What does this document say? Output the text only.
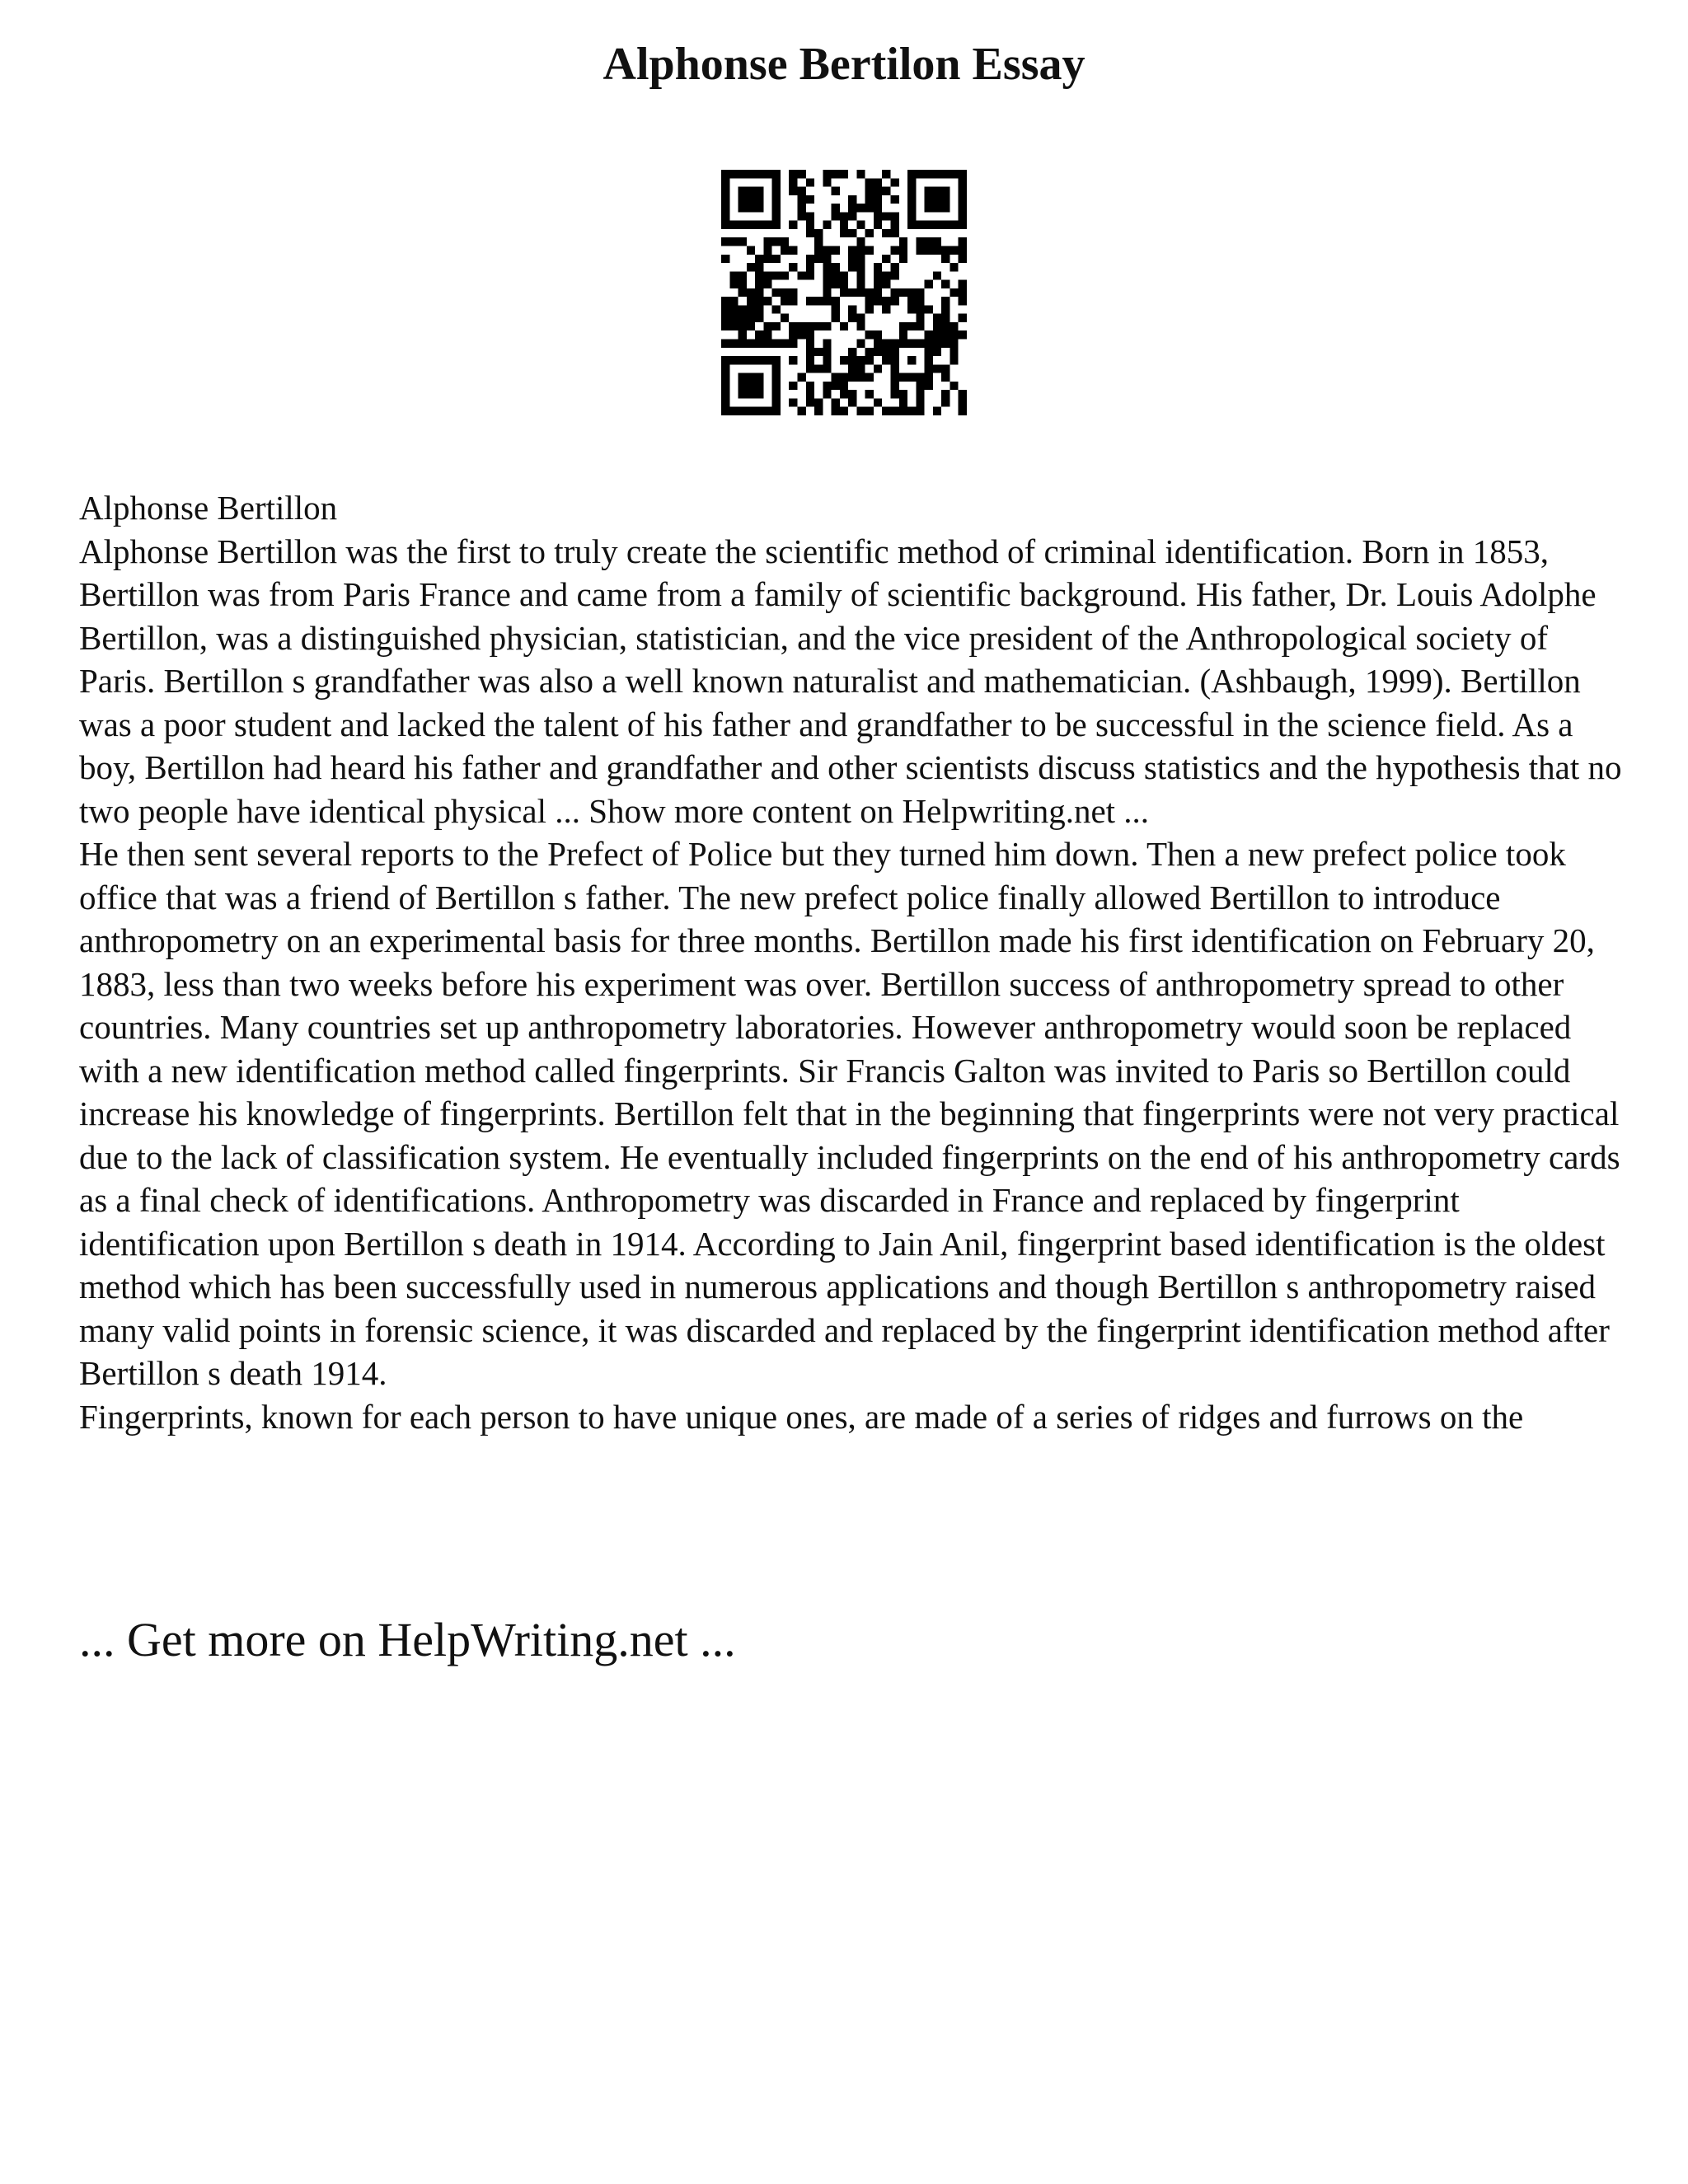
Alphonse Bertilon Essay

Alphonse Bertillon

Alphonse Bertillon was the first to truly create the scientific method of criminal identification. Born in 1853, Bertillon was from Paris France and came from a family of scientific background. His father, Dr. Louis Adolphe Bertillon, was a distinguished physician, statistician, and the vice president of the Anthropological society of Paris. Bertillon s grandfather was also a well known naturalist and mathematician. (Ashbaugh, 1999). Bertillon was a poor student and lacked the talent of his father and grandfather to be successful in the science field. As a boy, Bertillon had heard his father and grandfather and other scientists discuss statistics and the hypothesis that no two people have identical physical ... Show more content on Helpwriting.net ...

He then sent several reports to the Prefect of Police but they turned him down. Then a new prefect police took office that was a friend of Bertillon s father. The new prefect police finally allowed Bertillon to introduce anthropometry on an experimental basis for three months. Bertillon made his first identification on February 20, 1883, less than two weeks before his experiment was over. Bertillon success of anthropometry spread to other countries. Many countries set up anthropometry laboratories. However anthropometry would soon be replaced with a new identification method called fingerprints. Sir Francis Galton was invited to Paris so Bertillon could increase his knowledge of fingerprints. Bertillon felt that in the beginning that fingerprints were not very practical due to the lack of classification system. He eventually included fingerprints on the end of his anthropometry cards as a final check of identifications. Anthropometry was discarded in France and replaced by fingerprint identification upon Bertillon s death in 1914. According to Jain Anil, fingerprint based identification is the oldest method which has been successfully used in numerous applications and though Bertillon s anthropometry raised many valid points in forensic science, it was discarded and replaced by the fingerprint identification method after Bertillon s death 1914.

Fingerprints, known for each person to have unique ones, are made of a series of ridges and furrows on the

... Get more on HelpWriting.net ...
